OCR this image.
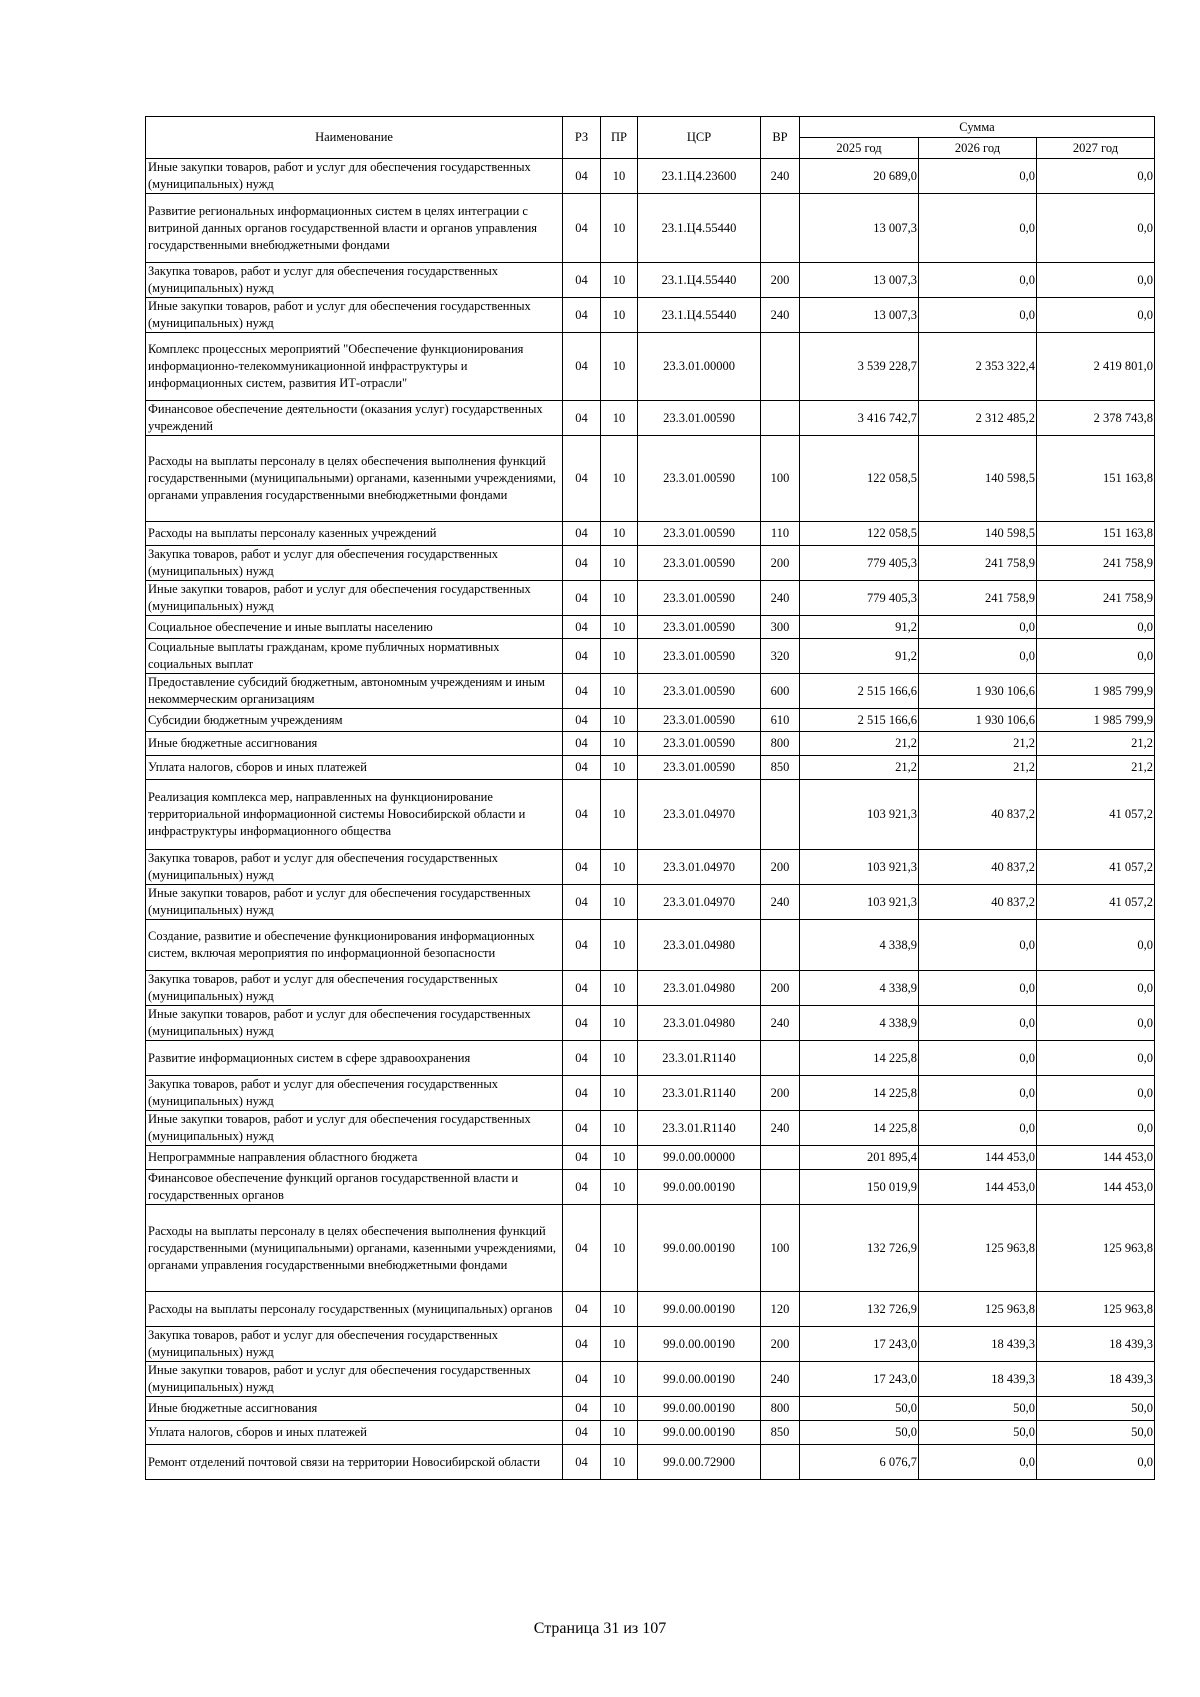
Наименование	РЗ	ПР	ЦСР	ВР	Сумма		
					2025 год	2026 год	2027 год
Иные закупки товаров, работ и услуг для обеспечения государственных (муниципальных) нужд	04	10	23.1.Ц4.23600	240	20 689,0	0,0	0,0
Развитие региональных информационных систем в целях интеграции с витриной данных органов государственной власти и органов управления государственными внебюджетными фондами	04	10	23.1.Ц4.55440		13 007,3	0,0	0,0
Закупка товаров, работ и услуг для обеспечения государственных (муниципальных) нужд	04	10	23.1.Ц4.55440	200	13 007,3	0,0	0,0
Иные закупки товаров, работ и услуг для обеспечения государственных (муниципальных) нужд	04	10	23.1.Ц4.55440	240	13 007,3	0,0	0,0
Комплекс процессных мероприятий "Обеспечение функционирования информационно-телекоммуникационной инфраструктуры и информационных систем, развития ИТ-отрасли"	04	10	23.3.01.00000		3 539 228,7	2 353 322,4	2 419 801,0
Финансовое обеспечение деятельности (оказания услуг) государственных учреждений	04	10	23.3.01.00590		3 416 742,7	2 312 485,2	2 378 743,8
Расходы на выплаты персоналу в целях обеспечения выполнения функций государственными (муниципальными) органами, казенными учреждениями, органами управления государственными внебюджетными фондами	04	10	23.3.01.00590	100	122 058,5	140 598,5	151 163,8
Расходы на выплаты персоналу казенных учреждений	04	10	23.3.01.00590	110	122 058,5	140 598,5	151 163,8
Закупка товаров, работ и услуг для обеспечения государственных (муниципальных) нужд	04	10	23.3.01.00590	200	779 405,3	241 758,9	241 758,9
Иные закупки товаров, работ и услуг для обеспечения государственных (муниципальных) нужд	04	10	23.3.01.00590	240	779 405,3	241 758,9	241 758,9
Социальное обеспечение и иные выплаты населению	04	10	23.3.01.00590	300	91,2	0,0	0,0
Социальные выплаты гражданам, кроме публичных нормативных социальных выплат	04	10	23.3.01.00590	320	91,2	0,0	0,0
Предоставление субсидий бюджетным, автономным учреждениям и иным некоммерческим организациям	04	10	23.3.01.00590	600	2 515 166,6	1 930 106,6	1 985 799,9
Субсидии бюджетным учреждениям	04	10	23.3.01.00590	610	2 515 166,6	1 930 106,6	1 985 799,9
Иные бюджетные ассигнования	04	10	23.3.01.00590	800	21,2	21,2	21,2
Уплата налогов, сборов и иных платежей	04	10	23.3.01.00590	850	21,2	21,2	21,2
Реализация комплекса мер, направленных на функционирование территориальной информационной системы Новосибирской области и инфраструктуры информационного общества	04	10	23.3.01.04970		103 921,3	40 837,2	41 057,2
Закупка товаров, работ и услуг для обеспечения государственных (муниципальных) нужд	04	10	23.3.01.04970	200	103 921,3	40 837,2	41 057,2
Иные закупки товаров, работ и услуг для обеспечения государственных (муниципальных) нужд	04	10	23.3.01.04970	240	103 921,3	40 837,2	41 057,2
Создание, развитие и обеспечение функционирования информационных систем, включая мероприятия по информационной безопасности	04	10	23.3.01.04980		4 338,9	0,0	0,0
Закупка товаров, работ и услуг для обеспечения государственных (муниципальных) нужд	04	10	23.3.01.04980	200	4 338,9	0,0	0,0
Иные закупки товаров, работ и услуг для обеспечения государственных (муниципальных) нужд	04	10	23.3.01.04980	240	4 338,9	0,0	0,0
Развитие информационных систем в сфере здравоохранения	04	10	23.3.01.R1140		14 225,8	0,0	0,0
Закупка товаров, работ и услуг для обеспечения государственных (муниципальных) нужд	04	10	23.3.01.R1140	200	14 225,8	0,0	0,0
Иные закупки товаров, работ и услуг для обеспечения государственных (муниципальных) нужд	04	10	23.3.01.R1140	240	14 225,8	0,0	0,0
Непрограммные направления областного бюджета	04	10	99.0.00.00000		201 895,4	144 453,0	144 453,0
Финансовое обеспечение функций органов государственной власти и государственных органов	04	10	99.0.00.00190		150 019,9	144 453,0	144 453,0
Расходы на выплаты персоналу в целях обеспечения выполнения функций государственными (муниципальными) органами, казенными учреждениями, органами управления государственными внебюджетными фондами	04	10	99.0.00.00190	100	132 726,9	125 963,8	125 963,8
Расходы на выплаты персоналу государственных (муниципальных) органов	04	10	99.0.00.00190	120	132 726,9	125 963,8	125 963,8
Закупка товаров, работ и услуг для обеспечения государственных (муниципальных) нужд	04	10	99.0.00.00190	200	17 243,0	18 439,3	18 439,3
Иные закупки товаров, работ и услуг для обеспечения государственных (муниципальных) нужд	04	10	99.0.00.00190	240	17 243,0	18 439,3	18 439,3
Иные бюджетные ассигнования	04	10	99.0.00.00190	800	50,0	50,0	50,0
Уплата налогов, сборов и иных платежей	04	10	99.0.00.00190	850	50,0	50,0	50,0
Ремонт отделений почтовой связи на территории Новосибирской области	04	10	99.0.00.72900		6 076,7	0,0	0,0
Страница 31 из 107
